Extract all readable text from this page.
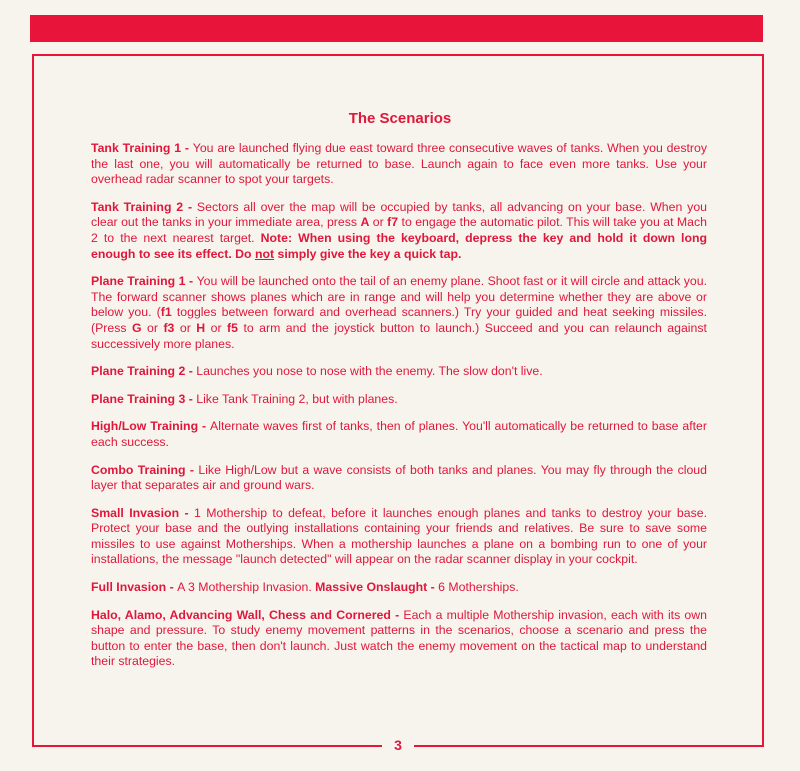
3
The Scenarios

Tank Training 1 - You are launched flying due east toward three consecutive waves of tanks. When you destroy the last one, you will automatically be returned to base. Launch again to face even more tanks. Use your overhead radar scanner to spot your targets.

Tank Training 2 - Sectors all over the map will be occupied by tanks, all advancing on your base. When you clear out the tanks in your immediate area, press A or f7 to engage the automatic pilot. This will take you at Mach 2 to the next nearest target. Note: When using the keyboard, depress the key and hold it down long enough to see its effect. Do not simply give the key a quick tap.

Plane Training 1 - You will be launched onto the tail of an enemy plane. Shoot fast or it will circle and attack you. The forward scanner shows planes which are in range and will help you determine whether they are above or below you. (f1 toggles between forward and overhead scanners.) Try your guided and heat seeking missiles. (Press G or f3 or H or f5 to arm and the joystick button to launch.) Succeed and you can relaunch against successively more planes.

Plane Training 2 - Launches you nose to nose with the enemy. The slow don't live.

Plane Training 3 - Like Tank Training 2, but with planes.

High/Low Training - Alternate waves first of tanks, then of planes. You'll automatically be returned to base after each success.

Combo Training - Like High/Low but a wave consists of both tanks and planes. You may fly through the cloud layer that separates air and ground wars.

Small Invasion - 1 Mothership to defeat, before it launches enough planes and tanks to destroy your base. Protect your base and the outlying installations containing your friends and relatives. Be sure to save some missiles to use against Motherships. When a mothership launches a plane on a bombing run to one of your installations, the message "launch detected" will appear on the radar scanner display in your cockpit.

Full Invasion - A 3 Mothership Invasion. Massive Onslaught - 6 Motherships.

Halo, Alamo, Advancing Wall, Chess and Cornered - Each a multiple Mothership invasion, each with its own shape and pressure. To study enemy movement patterns in the scenarios, choose a scenario and press the button to enter the base, then don't launch. Just watch the enemy movement on the tactical map to understand their strategies.
